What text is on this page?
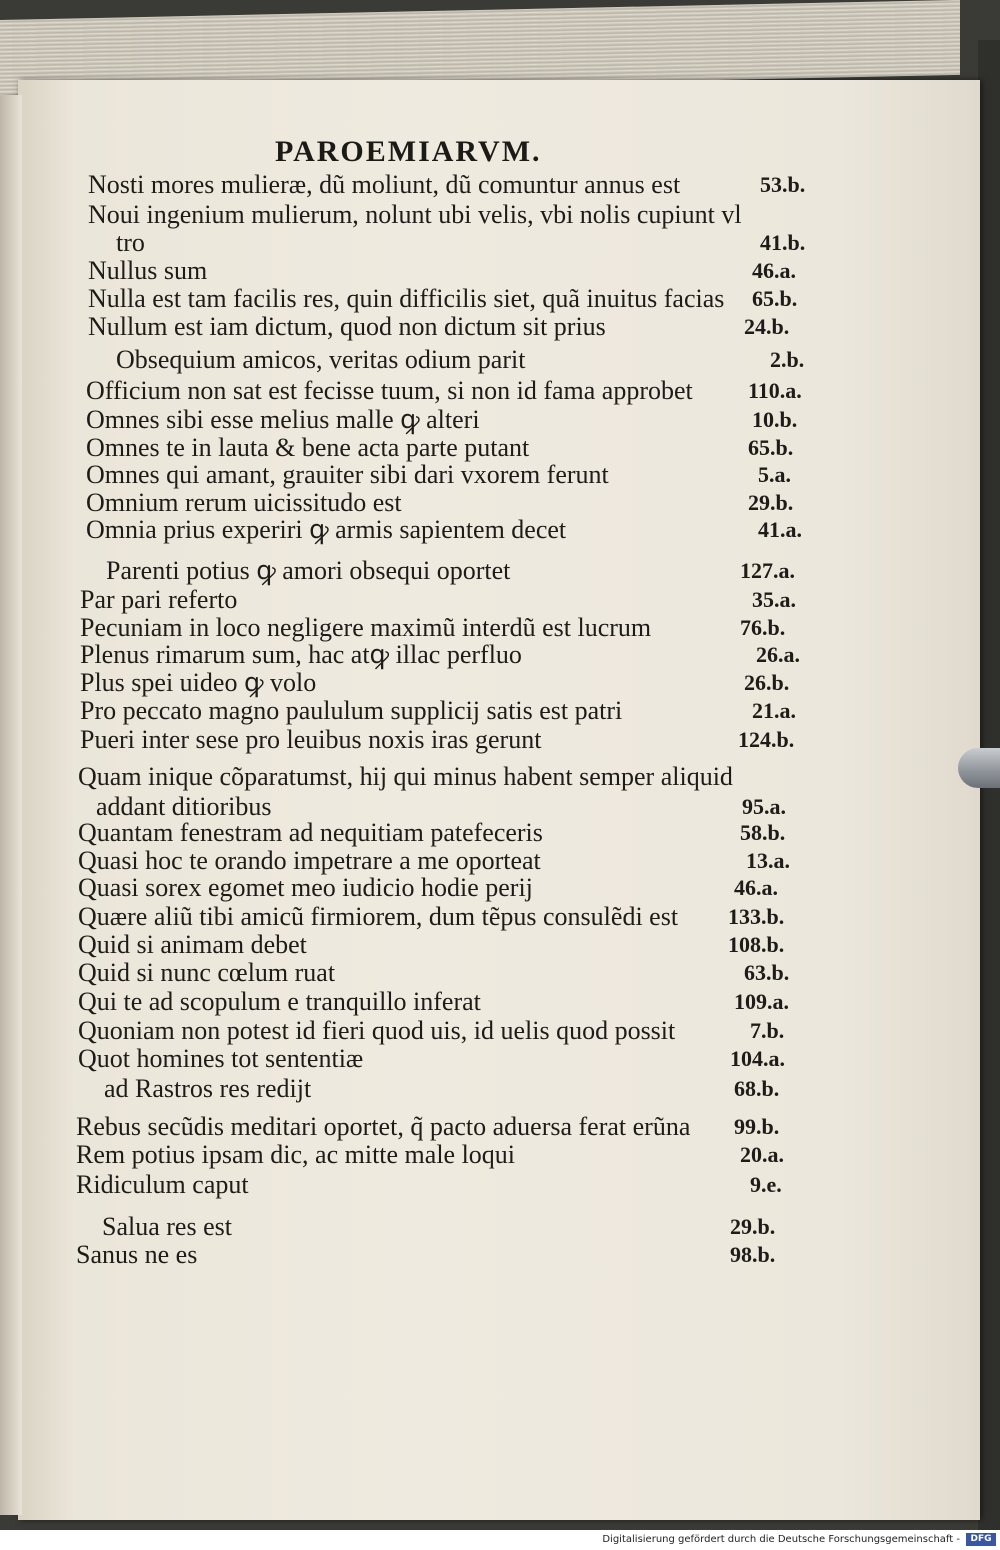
PAROEMIARVM.
Nosti mores mulierӕ, dũ moliunt, dũ comuntur annus est	53.b.
Noui ingenium mulierum, nolunt ubi velis, vbi nolis cupiunt vl
tro	41.b.
Nullus sum	46.a.
Nulla est tam facilis res, quin difficilis siet, quã inuitus facias 65.b.
Nullum est iam dictum, quod non dictum sit prius	24.b.
Obsequium amicos, veritas odium parit	2.b.
Officium non sat est fecisse tuum, si non id fama approbet	110.a.
Omnes sibi esse melius malle ꝙ alteri	10.b.
Omnes te in lauta & bene acta parte putant	65.b.
Omnes qui amant, grauiter sibi dari vxorem ferunt	5.a.
Omnium rerum uicissitudo est	29.b.
Omnia prius experiri ꝙ armis sapientem decet	41.a.
Parenti potius ꝙ amori obsequi oportet	127.a.
Par pari referto	35.a.
Pecuniam in loco negligere maximũ interdũ est lucrum	76.b.
Plenus rimarum sum, hac atꝙ illac perfluo	26.a.
Plus spei uideo ꝙ volo	26.b.
Pro peccato magno paululum supplicij satis est patri	21.a.
Pueri inter sese pro leuibus noxis iras gerunt	124.b.
Quam inique cõparatumst, hij qui minus habent semper aliquid
addant ditioribus	95.a.
Quantam fenestram ad nequitiam patefeceris	58.b.
Quasi hoc te orando impetrare a me oporteat	13.a.
Quasi sorex egomet meo iudicio hodie perij	46.a.
Quære aliũ tibi amicũ firmiorem, dum tẽpus consulẽdi est 133.b.
Quid si animam debet	108.b.
Quid si nunc cœlum ruat	63.b.
Qui te ad scopulum e tranquillo inferat	109.a.
Quoniam non potest id fieri quod uis, id uelis quod possit	7.b.
Quot homines tot sententiæ	104.a.
ad Rastros res redijt	68.b.
Rebus secũdis meditari oportet, q̃ pacto aduersa ferat erũna 99.b.
Rem potius ipsam dic, ac mitte male loqui	20.a.
Ridiculum caput	9.e.
Salua res est	29.b.
Sanus ne es	98.b.
Digitalisierung gefördert durch die Deutsche Forschungsgemeinschaft -	DFG
